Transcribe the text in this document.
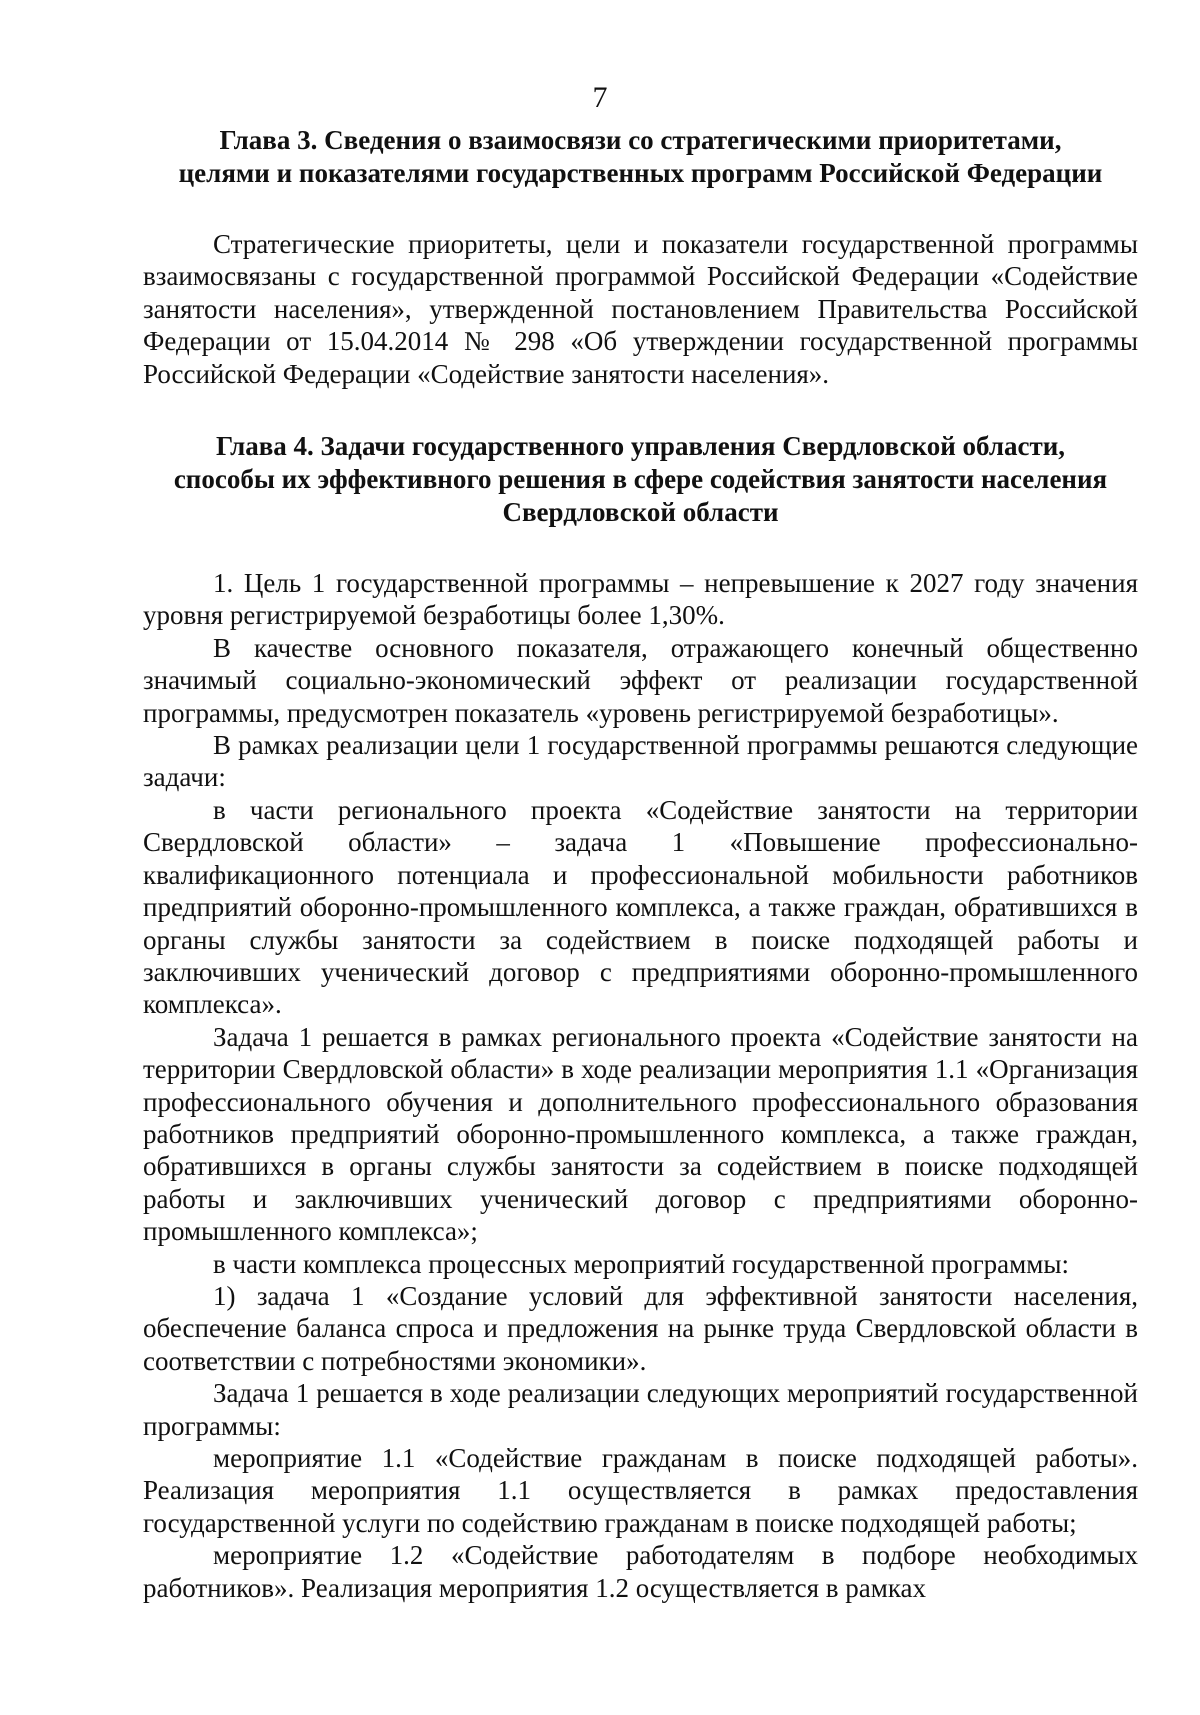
7
Глава 3. Сведения о взаимосвязи со стратегическими приоритетами,
целями и показателями государственных программ Российской Федерации

Стратегические приоритеты, цели и показатели государственной программы взаимосвязаны с государственной программой Российской Федерации «Содействие занятости населения», утвержденной постановлением Правительства Российской Федерации от 15.04.2014 № 298 «Об утверждении государственной программы Российской Федерации «Содействие занятости населения».

Глава 4. Задачи государственного управления Свердловской области,
способы их эффективного решения в сфере содействия занятости населения
Свердловской области

1. Цель 1 государственной программы – непревышение к 2027 году значения уровня регистрируемой безработицы более 1,30%.

В качестве основного показателя, отражающего конечный общественно значимый социально-экономический эффект от реализации государственной программы, предусмотрен показатель «уровень регистрируемой безработицы».

В рамках реализации цели 1 государственной программы решаются следующие задачи:

в части регионального проекта «Содействие занятости на территории Свердловской области» – задача 1 «Повышение профессионально-квалификационного потенциала и профессиональной мобильности работников предприятий оборонно-промышленного комплекса, а также граждан, обратившихся в органы службы занятости за содействием в поиске подходящей работы и заключивших ученический договор с предприятиями оборонно-промышленного комплекса».

Задача 1 решается в рамках регионального проекта «Содействие занятости на территории Свердловской области» в ходе реализации мероприятия 1.1 «Организация профессионального обучения и дополнительного профессионального образования работников предприятий оборонно-промышленного комплекса, а также граждан, обратившихся в органы службы занятости за содействием в поиске подходящей работы и заключивших ученический договор с предприятиями оборонно-промышленного комплекса»;

в части комплекса процессных мероприятий государственной программы:

1) задача 1 «Создание условий для эффективной занятости населения, обеспечение баланса спроса и предложения на рынке труда Свердловской области в соответствии с потребностями экономики».

Задача 1 решается в ходе реализации следующих мероприятий государственной программы:

мероприятие 1.1 «Содействие гражданам в поиске подходящей работы». Реализация мероприятия 1.1 осуществляется в рамках предоставления государственной услуги по содействию гражданам в поиске подходящей работы;

мероприятие 1.2 «Содействие работодателям в подборе необходимых работников». Реализация мероприятия 1.2 осуществляется в рамках
